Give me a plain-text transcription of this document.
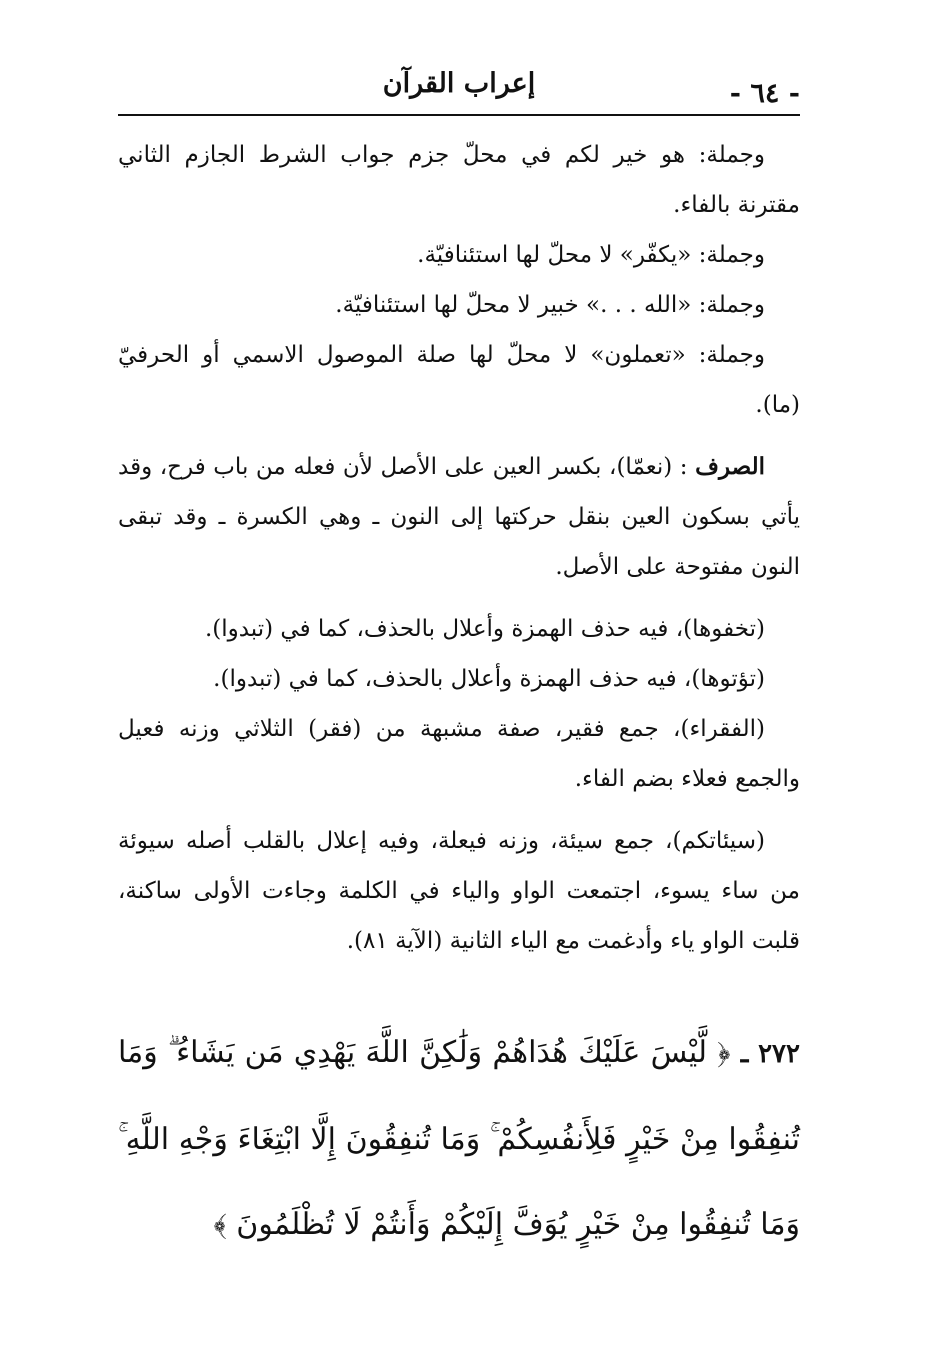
- ٦٤ -
إعراب القرآن

وجملة: هو خير لكم في محلّ جزم جواب الشرط الجازم الثاني مقترنة بالفاء.

وجملة: «يكفّر» لا محلّ لها استئنافيّة.

وجملة: «الله . . .» خبير لا محلّ لها استئنافيّة.

وجملة: «تعملون» لا محلّ لها صلة الموصول الاسمي أو الحرفيّ (ما).

الصرف : (نعمّا)، بكسر العين على الأصل لأن فعله من باب فرح، وقد يأتي بسكون العين بنقل حركتها إلى النون ـ وهي الكسرة ـ وقد تبقى النون مفتوحة على الأصل.

(تخفوها)، فيه حذف الهمزة وأعلال بالحذف، كما في (تبدوا).

(تؤتوها)، فيه حذف الهمزة وأعلال بالحذف، كما في (تبدوا).

(الفقراء)، جمع فقير، صفة مشبهة من (فقر) الثلاثي وزنه فعيل والجمع فعلاء بضم الفاء.

(سيئاتكم)، جمع سيئة، وزنه فيعلة، وفيه إعلال بالقلب أصله سيوئة من ساء يسوء، اجتمعت الواو والياء في الكلمة وجاءت الأولى ساكنة، قلبت الواو ياء وأدغمت مع الياء الثانية (الآية ٨١).

٢٧٢ ـ ﴿ لَّيْسَ عَلَيْكَ هُدَاهُمْ وَلَٰكِنَّ اللَّهَ يَهْدِي مَن يَشَاءُ ۗ وَمَا تُنفِقُوا مِنْ خَيْرٍ فَلِأَنفُسِكُمْ ۚ وَمَا تُنفِقُونَ إِلَّا ابْتِغَاءَ وَجْهِ اللَّهِ ۚ وَمَا تُنفِقُوا مِنْ خَيْرٍ يُوَفَّ إِلَيْكُمْ وَأَنتُمْ لَا تُظْلَمُونَ ﴾
